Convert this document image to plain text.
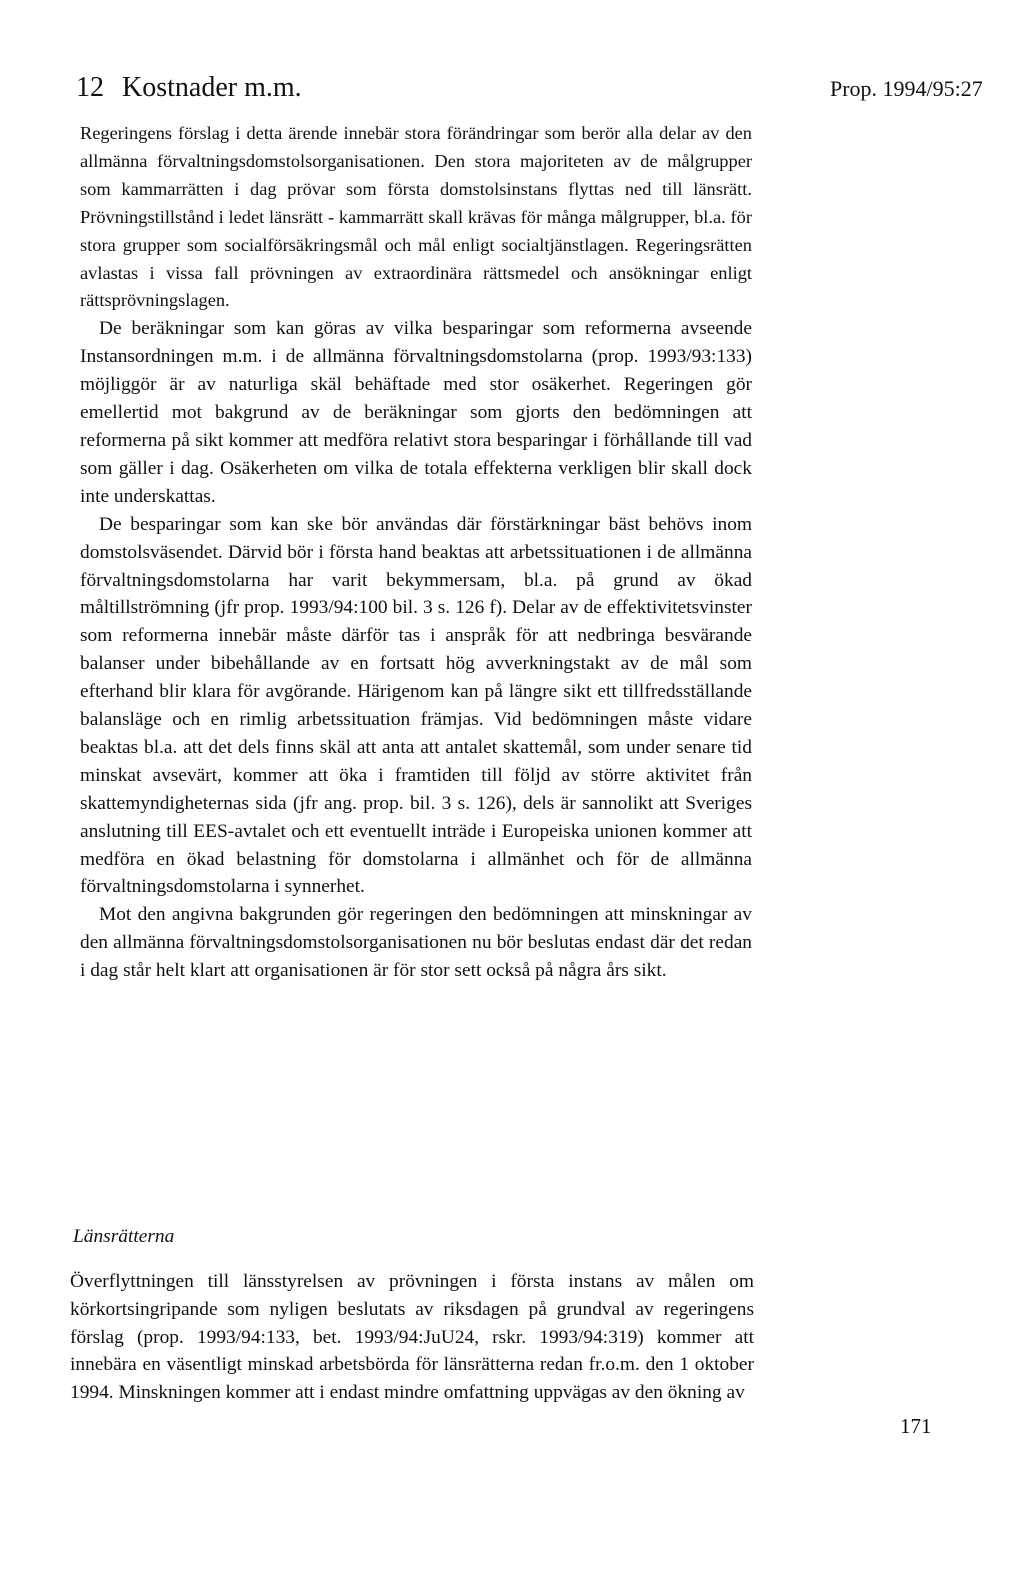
12 Kostnader m.m.	Prop. 1994/95:27

Regeringens förslag i detta ärende innebär stora förändringar som berör alla delar av den allmänna förvaltningsdomstolsorganisationen. Den stora majoriteten av de målgrupper som kammarrätten i dag prövar som första domstolsinstans flyttas ned till länsrätt. Prövningstillstånd i ledet länsrätt - kammarrätt skall krävas för många målgrupper, bl.a. för stora grupper som socialförsäkringsmål och mål enligt socialtjänstlagen. Regeringsrätten avlastas i vissa fall prövningen av extraordinära rättsmedel och ansökningar enligt rättsprövningslagen.

De beräkningar som kan göras av vilka besparingar som reformerna avseende Instansordningen m.m. i de allmänna förvaltningsdomstolarna (prop. 1993/93:133) möjliggör är av naturliga skäl behäftade med stor osäkerhet. Regeringen gör emellertid mot bakgrund av de beräkningar som gjorts den bedömningen att reformerna på sikt kommer att medföra relativt stora besparingar i förhållande till vad som gäller i dag. Osäkerheten om vilka de totala effekterna verkligen blir skall dock inte underskattas.

De besparingar som kan ske bör användas där förstärkningar bäst behövs inom domstolsväsendet. Därvid bör i första hand beaktas att arbetssituationen i de allmänna förvaltningsdomstolarna har varit bekymmersam, bl.a. på grund av ökad måltillströmning (jfr prop. 1993/94:100 bil. 3 s. 126 f). Delar av de effektivitetsvinster som reformerna innebär måste därför tas i anspråk för att nedbringa besvärande balanser under bibehållande av en fortsatt hög avverkningstakt av de mål som efterhand blir klara för avgörande. Härigenom kan på längre sikt ett tillfredsställande balansläge och en rimlig arbetssituation främjas. Vid bedömningen måste vidare beaktas bl.a. att det dels finns skäl att anta att antalet skattemål, som under senare tid minskat avsevärt, kommer att öka i framtiden till följd av större aktivitet från skattemyndigheternas sida (jfr ang. prop. bil. 3 s. 126), dels är sannolikt att Sveriges anslutning till EES-avtalet och ett eventuellt inträde i Europeiska unionen kommer att medföra en ökad belastning för domstolarna i allmänhet och för de allmänna förvaltningsdomstolarna i synnerhet.

Mot den angivna bakgrunden gör regeringen den bedömningen att minskningar av den allmänna förvaltningsdomstolsorganisationen nu bör beslutas endast där det redan i dag står helt klart att organisationen är för stor sett också på några års sikt.

Länsrätterna

Överflyttningen till länsstyrelsen av prövningen i första instans av målen om körkortsingripande som nyligen beslutats av riksdagen på grundval av regeringens förslag (prop. 1993/94:133, bet. 1993/94:JuU24, rskr. 1993/94:319) kommer att innebära en väsentligt minskad arbetsbörda för länsrätterna redan fr.o.m. den 1 oktober 1994. Minskningen kommer att i endast mindre omfattning uppvägas av den ökning av

171
